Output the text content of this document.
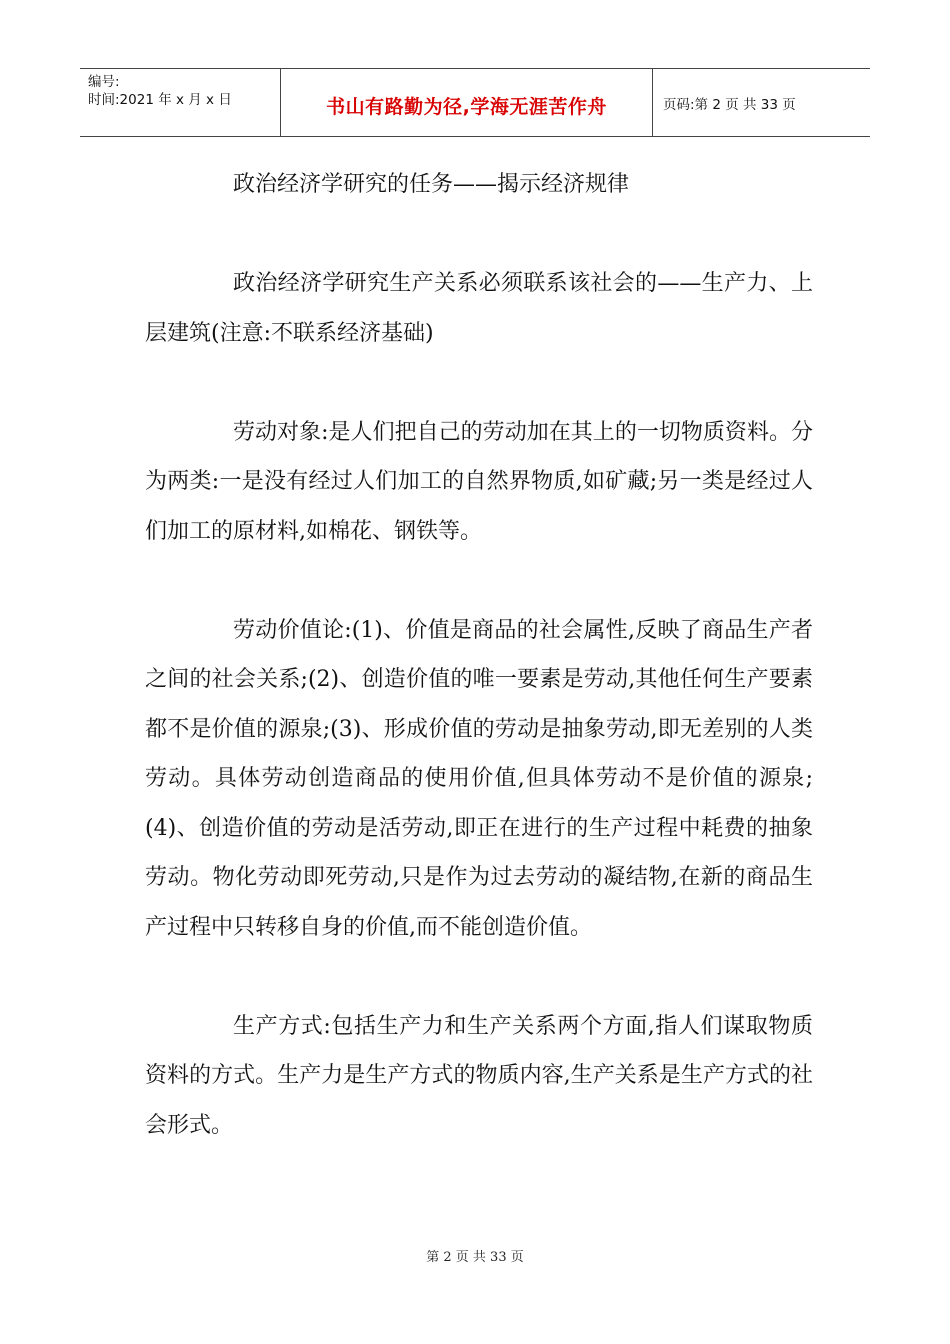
编号:
时间:2021 年 x 月 x 日	书山有路勤为径,学海无涯苦作舟	页码:第 2 页 共 33 页

政治经济学研究的任务——揭示经济规律

政治经济学研究生产关系必须联系该社会的——生产力、上层建筑(注意:不联系经济基础)

劳动对象:是人们把自己的劳动加在其上的一切物质资料。分为两类:一是没有经过人们加工的自然界物质,如矿藏;另一类是经过人们加工的原材料,如棉花、钢铁等。

劳动价值论:(1)、价值是商品的社会属性,反映了商品生产者之间的社会关系;(2)、创造价值的唯一要素是劳动,其他任何生产要素都不是价值的源泉;(3)、形成价值的劳动是抽象劳动,即无差别的人类劳动。具体劳动创造商品的使用价值,但具体劳动不是价值的源泉;(4)、创造价值的劳动是活劳动,即正在进行的生产过程中耗费的抽象劳动。物化劳动即死劳动,只是作为过去劳动的凝结物,在新的商品生产过程中只转移自身的价值,而不能创造价值。

生产方式:包括生产力和生产关系两个方面,指人们谋取物质资料的方式。生产力是生产方式的物质内容,生产关系是生产方式的社会形式。

第 2 页 共 33 页
